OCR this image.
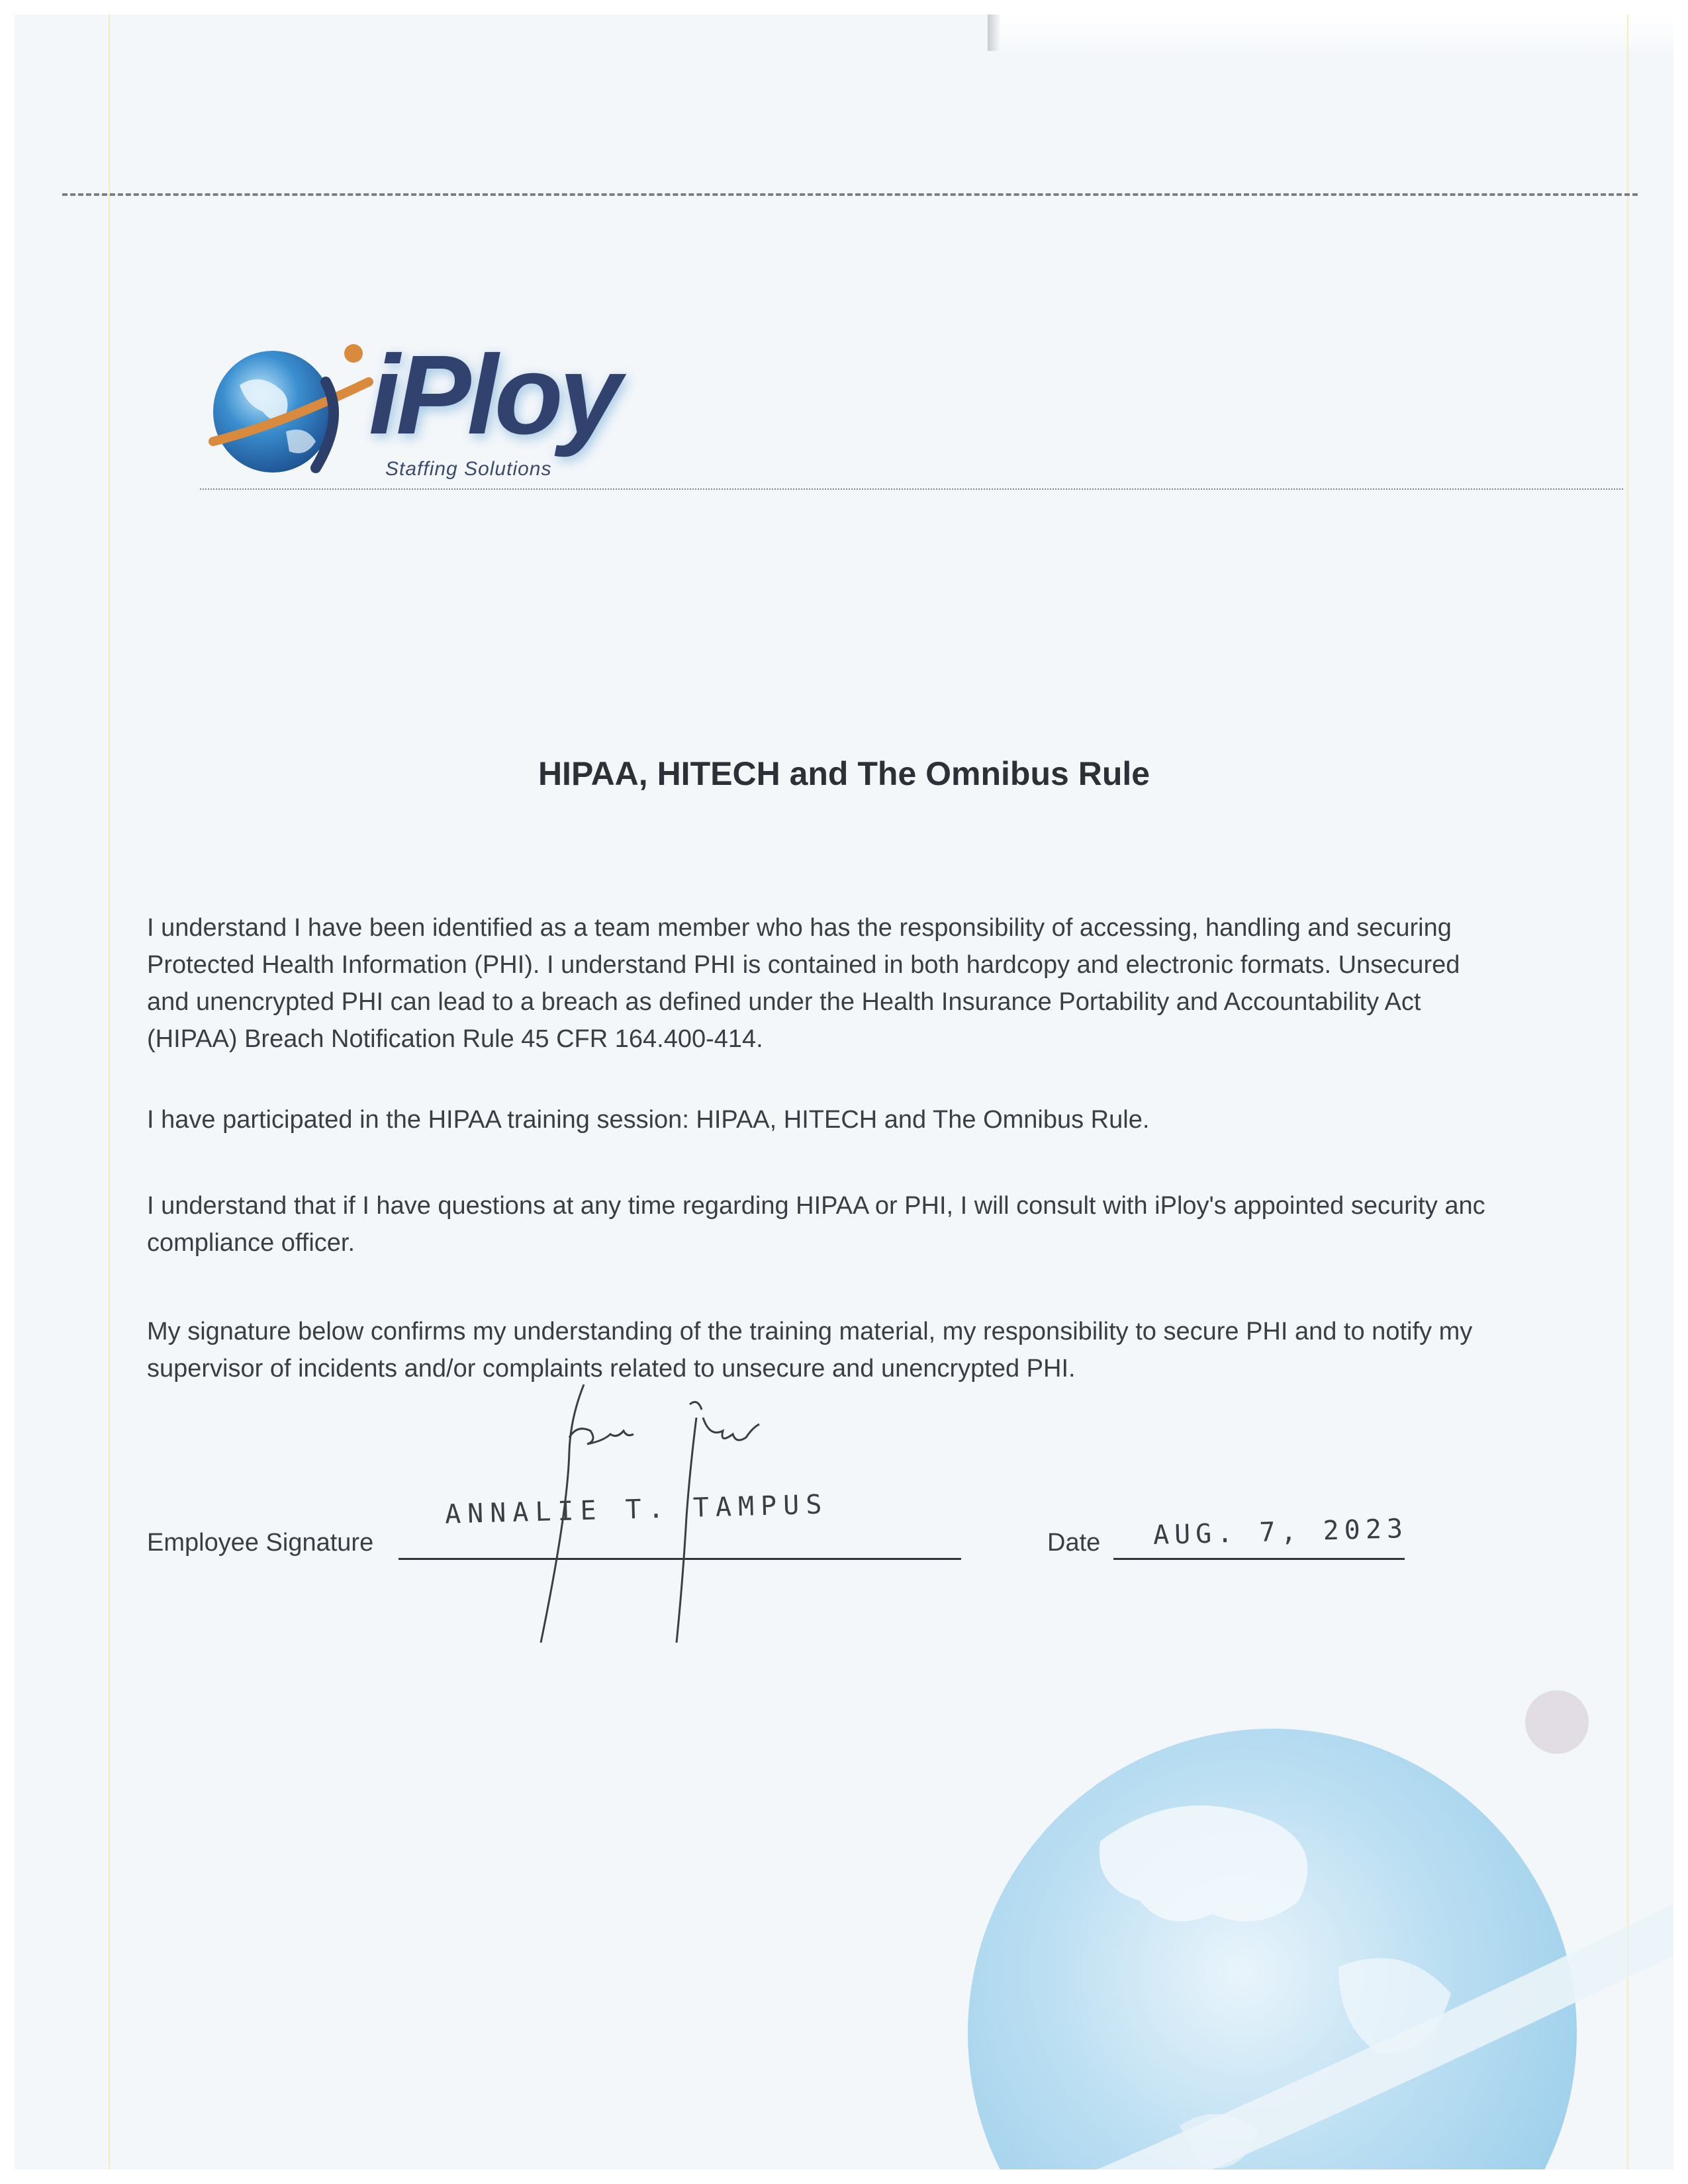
iPloy
Staffing Solutions
HIPAA, HITECH and The Omnibus Rule
I understand I have been identified as a team member who has the responsibility of accessing, handling and securing
Protected Health Information (PHI). I understand PHI is contained in both hardcopy and electronic formats. Unsecured
and unencrypted PHI can lead to a breach as defined under the Health Insurance Portability and Accountability Act
(HIPAA) Breach Notification Rule 45 CFR 164.400-414.
I have participated in the HIPAA training session: HIPAA, HITECH and The Omnibus Rule.
I understand that if I have questions at any time regarding HIPAA or PHI, I will consult with iPloy's appointed security anc
compliance officer.
My signature below confirms my understanding of the training material, my responsibility to secure PHI and to notify my
supervisor of incidents and/or complaints related to unsecure and unencrypted PHI.
Employee Signature
ANNALIE T. TAMPUS
Date AUG. 7, 2023
